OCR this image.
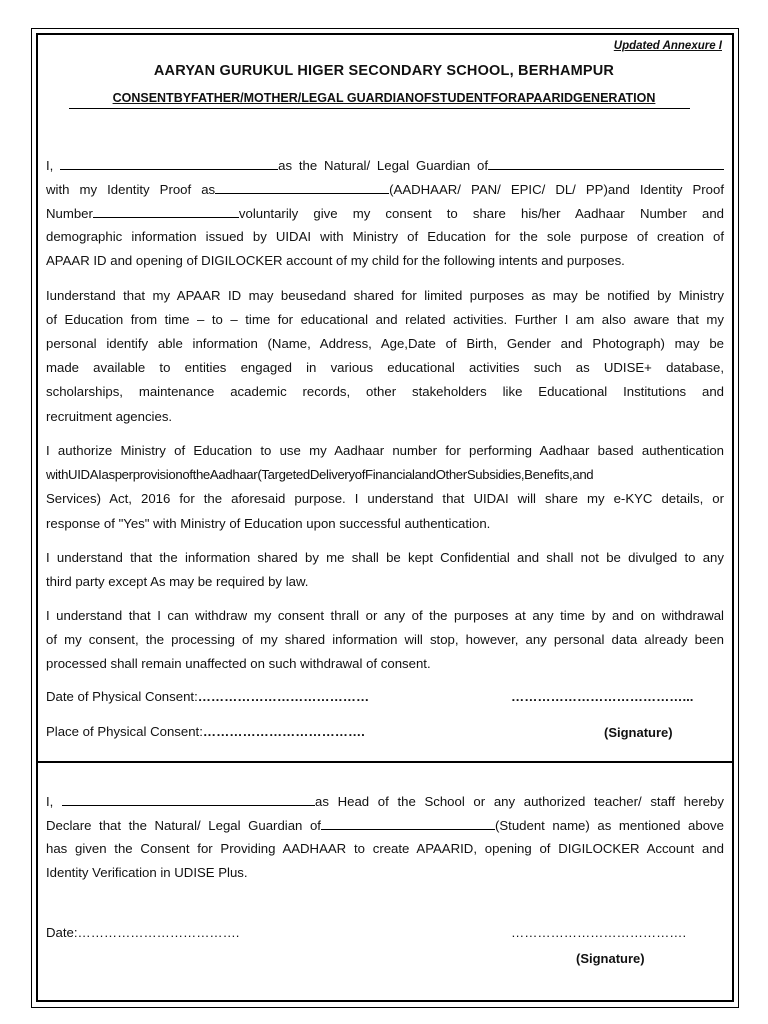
Updated Annexure I
AARYAN GURUKUL HIGER SECONDARY SCHOOL, BERHAMPUR
CONSENTBYFATHER/MOTHER/LEGAL GUARDIANOFSTUDENTFORAPAARIDGENERATION
I,	as the Natural/ Legal Guardian of
with my Identity Proof as	(AADHAAR/ PAN/ EPIC/ DL/ PP)and Identity Proof
Number	voluntarily give my consent to share his/her Aadhaar Number and
demographic information issued by UIDAI with Ministry of Education for the sole purpose of creation of
APAAR ID and opening of DIGILOCKER account of my child for the following intents and purposes.
Iunderstand that my APAAR ID may beusedand shared for limited purposes as may be notified by Ministry
of Education from time – to – time for educational and related activities. Further I am also aware that my
personal identify able information (Name, Address, Age,Date of Birth, Gender and Photograph) may be
made available to entities engaged in various educational activities such as UDISE+ database,
scholarships, maintenance academic records, other stakeholders like Educational Institutions and
recruitment agencies.
I authorize Ministry of Education to use my Aadhaar number for performing Aadhaar based authentication
withUIDAIasperprovisionoftheAadhaar(TargetedDeliveryofFinancialandOtherSubsidies,Benefits,and
Services) Act, 2016 for the aforesaid purpose. I understand that UIDAI will share my e-KYC details, or
response of "Yes" with Ministry of Education upon successful authentication.
I understand that the information shared by me shall be kept Confidential and shall not be divulged to any
third party except As may be required by law.
I understand that I can withdraw my consent thrall or any of the purposes at any time by and on withdrawal
of my consent, the processing of my shared information will stop, however, any personal data already been
processed shall remain unaffected on such withdrawal of consent.
Date of Physical Consent:…………………………………	…………………………………...
Place of Physical Consent:……………………………….	(Signature)
I,	as Head of the School or any authorized teacher/ staff hereby
Declare that the Natural/ Legal Guardian of	(Student name) as mentioned above
has given the Consent for Providing AADHAAR to create APAARID, opening of DIGILOCKER Account and
Identity Verification in UDISE Plus.
Date:……………………………….	………………………………….
(Signature)
